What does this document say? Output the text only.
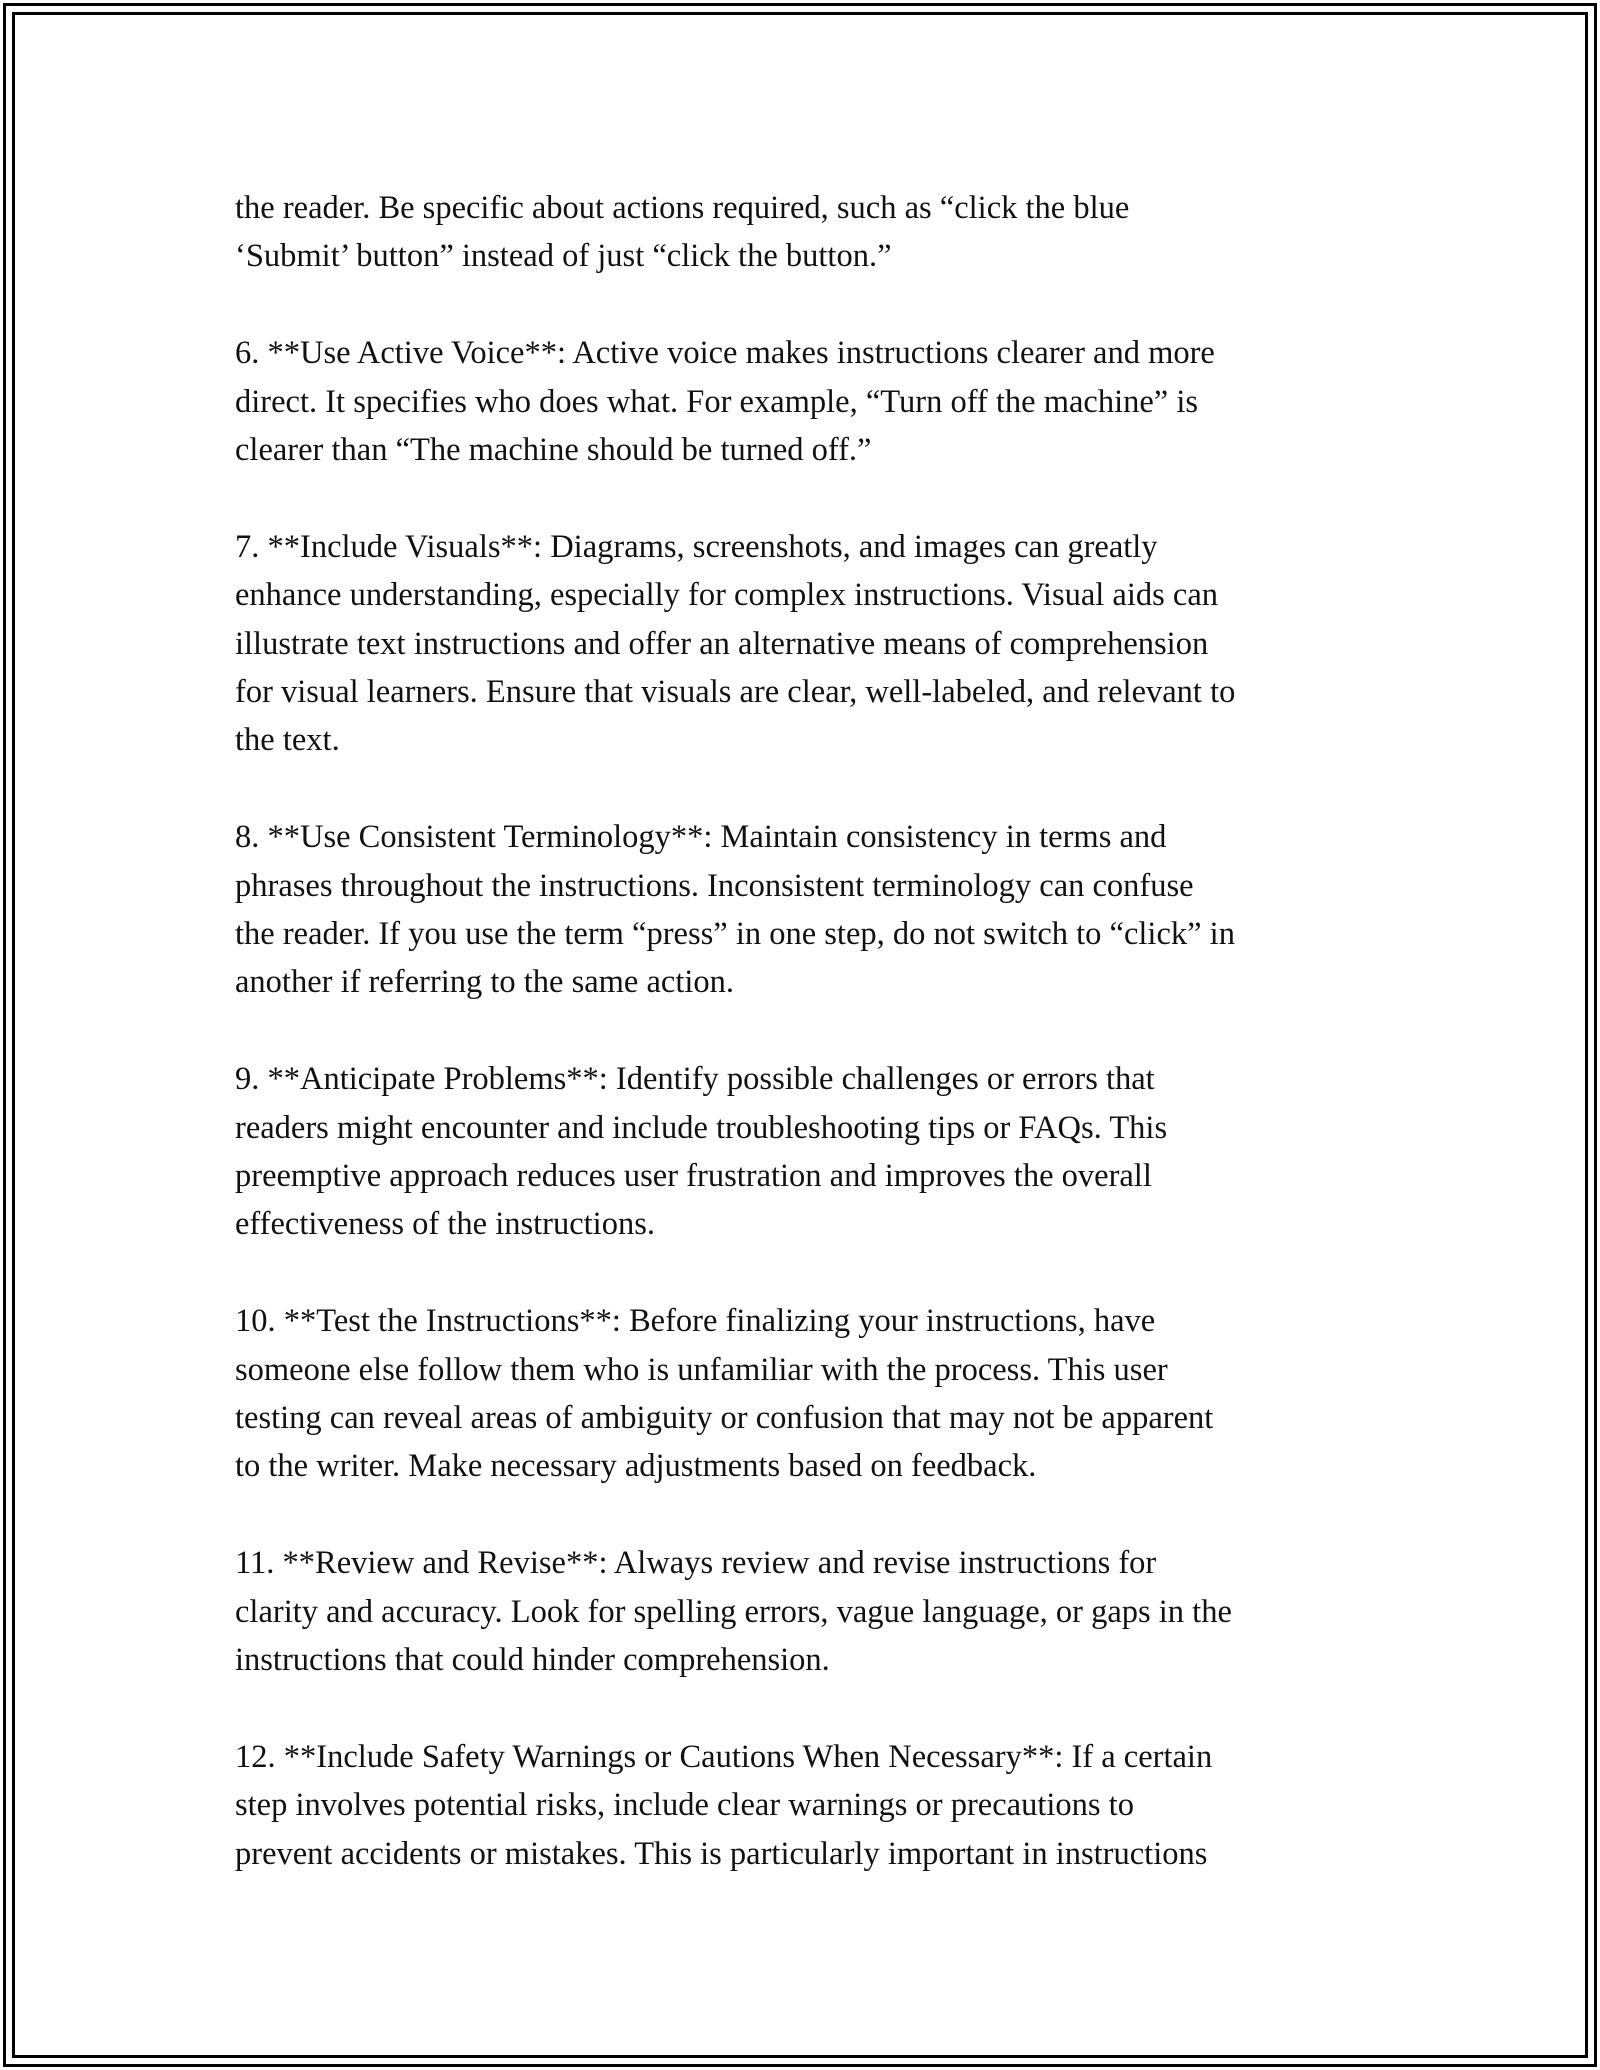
the reader. Be specific about actions required, such as “click the blue
‘Submit’ button” instead of just “click the button.”

6. **Use Active Voice**: Active voice makes instructions clearer and more
direct. It specifies who does what. For example, “Turn off the machine” is
clearer than “The machine should be turned off.”

7. **Include Visuals**: Diagrams, screenshots, and images can greatly
enhance understanding, especially for complex instructions. Visual aids can
illustrate text instructions and offer an alternative means of comprehension
for visual learners. Ensure that visuals are clear, well-labeled, and relevant to
the text.

8. **Use Consistent Terminology**: Maintain consistency in terms and
phrases throughout the instructions. Inconsistent terminology can confuse
the reader. If you use the term “press” in one step, do not switch to “click” in
another if referring to the same action.

9. **Anticipate Problems**: Identify possible challenges or errors that
readers might encounter and include troubleshooting tips or FAQs. This
preemptive approach reduces user frustration and improves the overall
effectiveness of the instructions.

10. **Test the Instructions**: Before finalizing your instructions, have
someone else follow them who is unfamiliar with the process. This user
testing can reveal areas of ambiguity or confusion that may not be apparent
to the writer. Make necessary adjustments based on feedback.

11. **Review and Revise**: Always review and revise instructions for
clarity and accuracy. Look for spelling errors, vague language, or gaps in the
instructions that could hinder comprehension.

12. **Include Safety Warnings or Cautions When Necessary**: If a certain
step involves potential risks, include clear warnings or precautions to
prevent accidents or mistakes. This is particularly important in instructions
